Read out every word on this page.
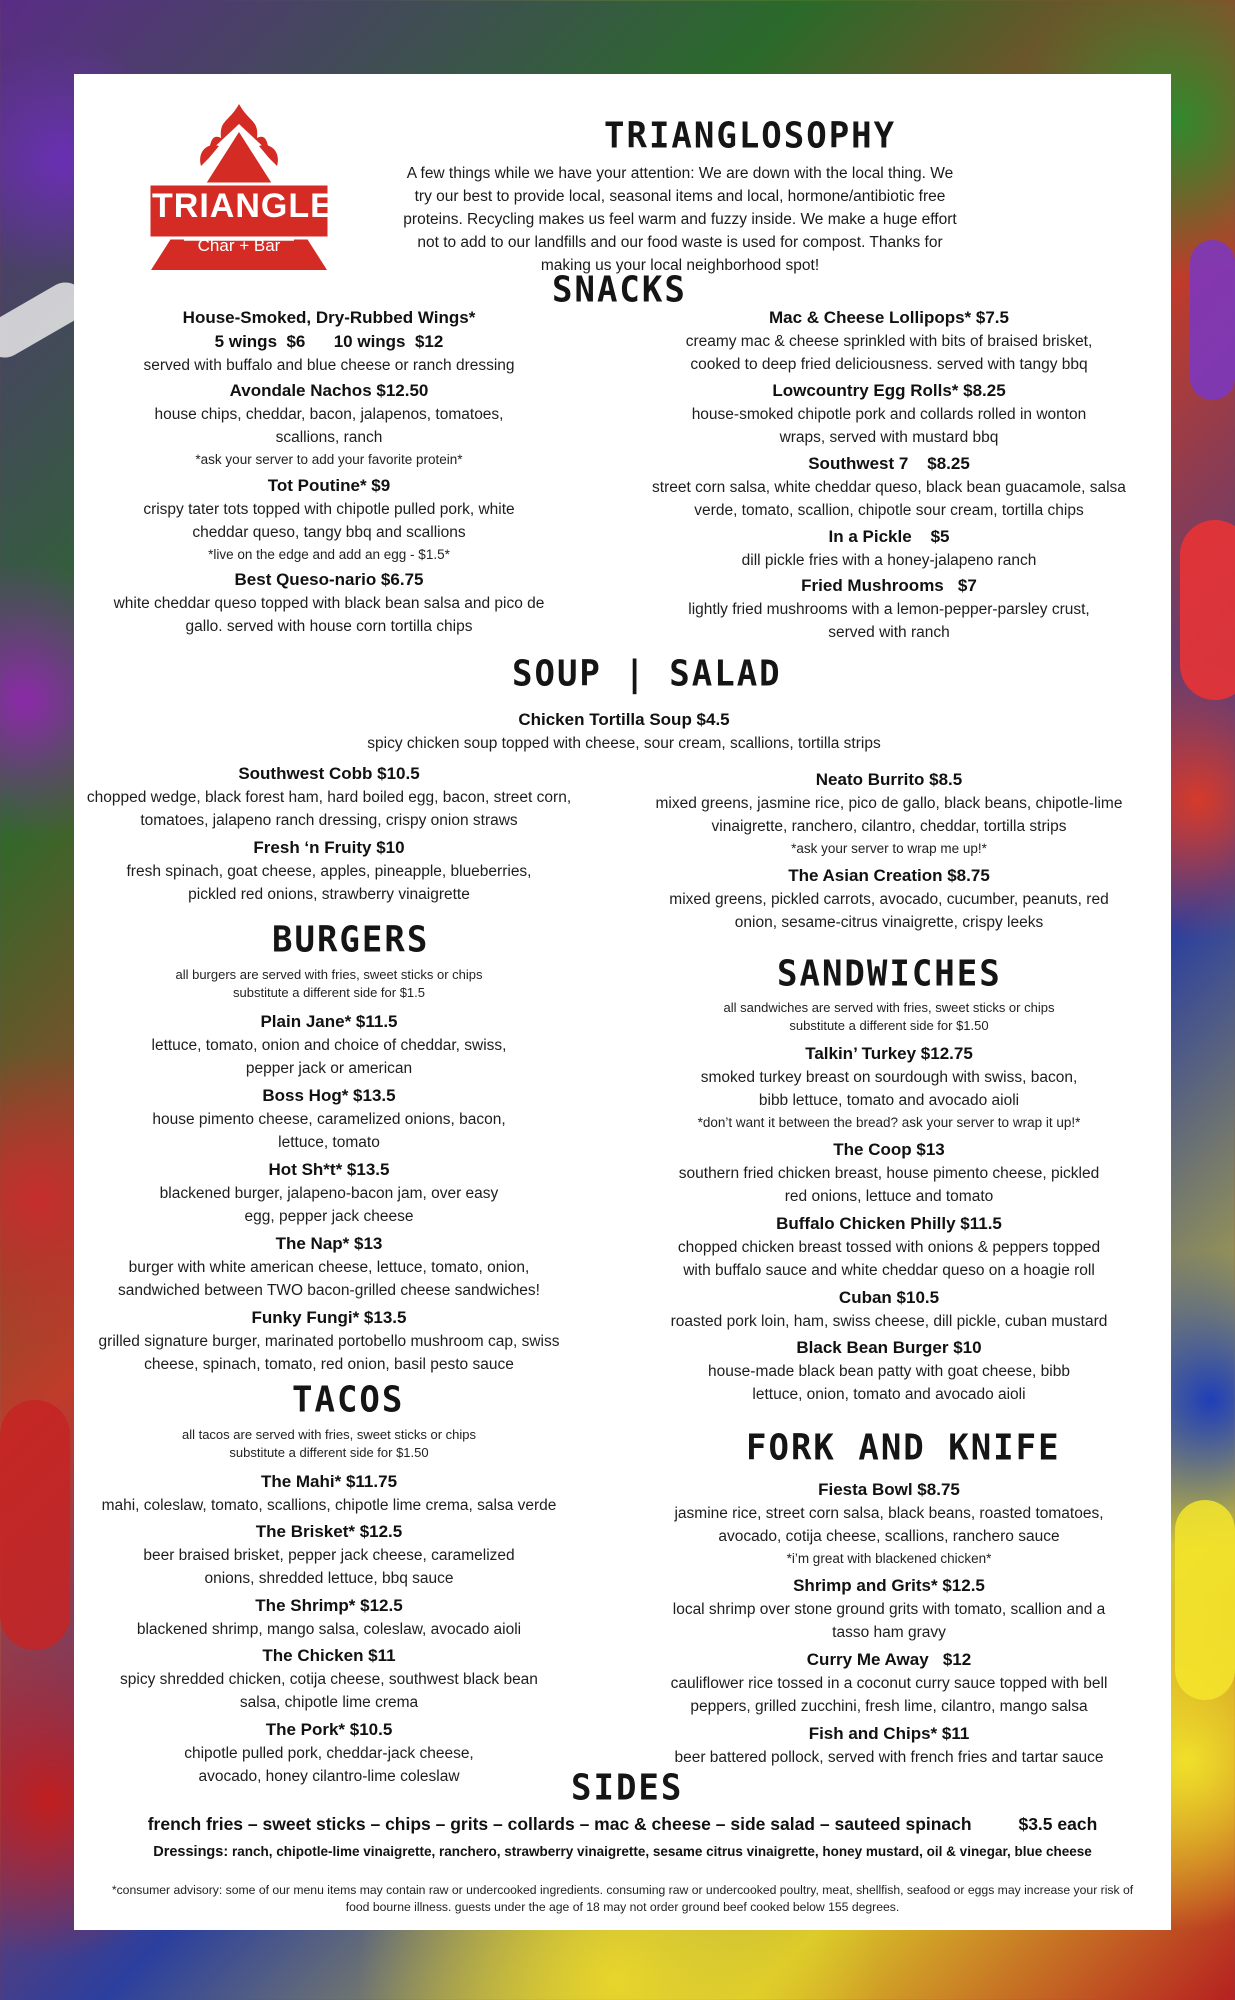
TRIANGLE
Char + Bar
TRIANGLOSOPHY
A few things while we have your attention: We are down with the local thing. We try our best to provide local, seasonal items and local, hormone/antibiotic free proteins. Recycling makes us feel warm and fuzzy inside. We make a huge effort not to add to our landfills and our food waste is used for compost. Thanks for making us your local neighborhood spot!
SNACKS
House-Smoked, Dry-Rubbed Wings*
5 wings  $6      10 wings  $12
served with buffalo and blue cheese or ranch dressing
Avondale Nachos $12.50
house chips, cheddar, bacon, jalapenos, tomatoes, scallions, ranch
*ask your server to add your favorite protein*
Tot Poutine* $9
crispy tater tots topped with chipotle pulled pork, white cheddar queso, tangy bbq and scallions
*live on the edge and add an egg - $1.5*
Best Queso-nario $6.75
white cheddar queso topped with black bean salsa and pico de gallo. served with house corn tortilla chips
Mac & Cheese Lollipops* $7.5
creamy mac & cheese sprinkled with bits of braised brisket, cooked to deep fried deliciousness. served with tangy bbq
Lowcountry Egg Rolls* $8.25
house-smoked chipotle pork and collards rolled in wonton wraps, served with mustard bbq
Southwest 7    $8.25
street corn salsa, white cheddar queso, black bean guacamole, salsa verde, tomato, scallion, chipotle sour cream, tortilla chips
In a Pickle    $5
dill pickle fries with a honey-jalapeno ranch
Fried Mushrooms   $7
lightly fried mushrooms with a lemon-pepper-parsley crust, served with ranch
SOUP | SALAD
Chicken Tortilla Soup $4.5
spicy chicken soup topped with cheese, sour cream, scallions, tortilla strips
Southwest Cobb $10.5
chopped wedge, black forest ham, hard boiled egg, bacon, street corn, tomatoes, jalapeno ranch dressing, crispy onion straws
Fresh ‘n Fruity $10
fresh spinach, goat cheese, apples, pineapple, blueberries, pickled red onions, strawberry vinaigrette
Neato Burrito $8.5
mixed greens, jasmine rice, pico de gallo, black beans, chipotle-lime vinaigrette, ranchero, cilantro, cheddar, tortilla strips
*ask your server to wrap me up!*
The Asian Creation $8.75
mixed greens, pickled carrots, avocado, cucumber, peanuts, red onion, sesame-citrus vinaigrette, crispy leeks
BURGERS
all burgers are served with fries, sweet sticks or chips
substitute a different side for $1.5
Plain Jane* $11.5
lettuce, tomato, onion and choice of cheddar, swiss, pepper jack or american
Boss Hog* $13.5
house pimento cheese, caramelized onions, bacon, lettuce, tomato
Hot Sh*t* $13.5
blackened burger, jalapeno-bacon jam, over easy egg, pepper jack cheese
The Nap* $13
burger with white american cheese, lettuce, tomato, onion, sandwiched between TWO bacon-grilled cheese sandwiches!
Funky Fungi* $13.5
grilled signature burger, marinated portobello mushroom cap, swiss cheese, spinach, tomato, red onion, basil pesto sauce
SANDWICHES
all sandwiches are served with fries, sweet sticks or chips
substitute a different side for $1.50
Talkin’ Turkey $12.75
smoked turkey breast on sourdough with swiss, bacon, bibb lettuce, tomato and avocado aioli
*don’t want it between the bread? ask your server to wrap it up!*
The Coop $13
southern fried chicken breast, house pimento cheese, pickled red onions, lettuce and tomato
Buffalo Chicken Philly $11.5
chopped chicken breast tossed with onions & peppers topped with buffalo sauce and white cheddar queso on a hoagie roll
Cuban $10.5
roasted pork loin, ham, swiss cheese, dill pickle, cuban mustard
Black Bean Burger $10
house-made black bean patty with goat cheese, bibb lettuce, onion, tomato and avocado aioli
TACOS
all tacos are served with fries, sweet sticks or chips
substitute a different side for $1.50
The Mahi* $11.75
mahi, coleslaw, tomato, scallions, chipotle lime crema, salsa verde
The Brisket* $12.5
beer braised brisket, pepper jack cheese, caramelized onions, shredded lettuce, bbq sauce
The Shrimp* $12.5
blackened shrimp, mango salsa, coleslaw, avocado aioli
The Chicken $11
spicy shredded chicken, cotija cheese, southwest black bean salsa, chipotle lime crema
The Pork* $10.5
chipotle pulled pork, cheddar-jack cheese, avocado, honey cilantro-lime coleslaw
FORK AND KNIFE
Fiesta Bowl $8.75
jasmine rice, street corn salsa, black beans, roasted tomatoes, avocado, cotija cheese, scallions, ranchero sauce
*i’m great with blackened chicken*
Shrimp and Grits* $12.5
local shrimp over stone ground grits with tomato, scallion and a tasso ham gravy
Curry Me Away   $12
cauliflower rice tossed in a coconut curry sauce topped with bell peppers, grilled zucchini, fresh lime, cilantro, mango salsa
Fish and Chips* $11
beer battered pollock, served with french fries and tartar sauce
SIDES
french fries – sweet sticks – chips – grits – collards – mac & cheese – side salad – sauteed spinach	$3.5 each
Dressings: ranch, chipotle-lime vinaigrette, ranchero, strawberry vinaigrette, sesame citrus vinaigrette, honey mustard, oil & vinegar, blue cheese
*consumer advisory: some of our menu items may contain raw or undercooked ingredients. consuming raw or undercooked poultry, meat, shellfish, seafood or eggs may increase your risk of food bourne illness. guests under the age of 18 may not order ground beef cooked below 155 degrees.
